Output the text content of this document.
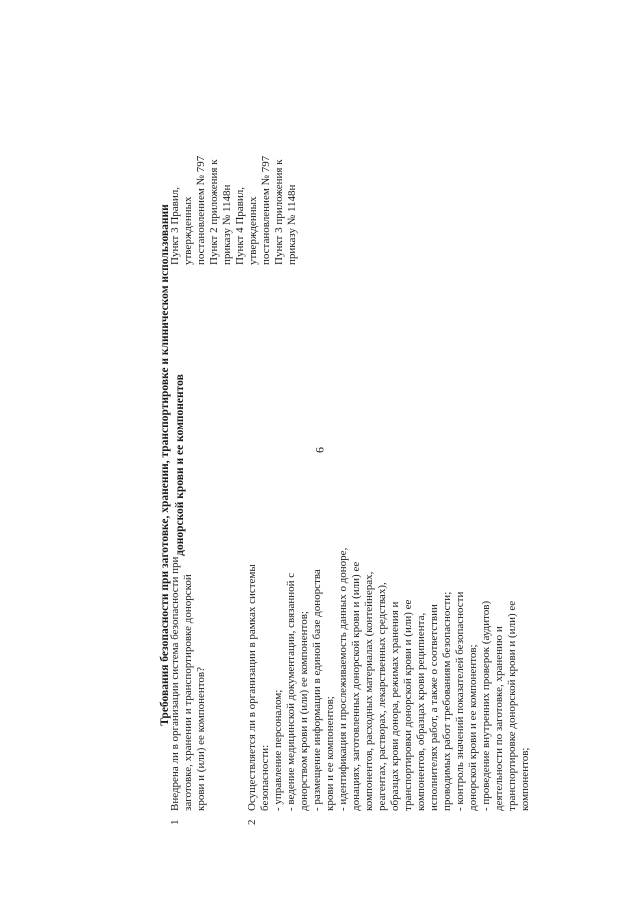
6
Требования безопасности при заготовке, хранении, транспортировке и клиническом использовании донорской крови и ее компонентов
1
Внедрена ли в организации система безопасности при
заготовке, хранении и транспортировке донорской
крови и (или) ее компонентов?
Пункт 3 Правил,
утвержденных
постановлением № 797
Пункт 2 приложения к
приказу № 1148н
Пункт 4 Правил,
утвержденных
постановлением № 797
Пункт 3 приложения к
приказу № 1148н
2
Осуществляется ли в организации в рамках системы
безопасности:
- управление персоналом;
- ведение медицинской документации, связанной с
донорством крови и (или) ее компонентов;
- размещение информации в единой базе донорства
крови и ее компонентов;
- идентификация и прослеживаемость данных о доноре,
донациях, заготовленных донорской крови и (или) ее
компонентов, расходных материалах (контейнерах,
реагентах, растворах, лекарственных средствах),
образцах крови донора, режимах хранения и
транспортировки донорской крови и (или) ее
компонентов, образцах крови реципиента,
исполнителях работ, а также о соответствии
проводимых работ требованиям безопасности;
- контроль значений показателей безопасности
донорской крови и ее компонентов;
- проведение внутренних проверок (аудитов)
деятельности по заготовке, хранению и
транспортировке донорской крови и (или) ее
компонентов;
